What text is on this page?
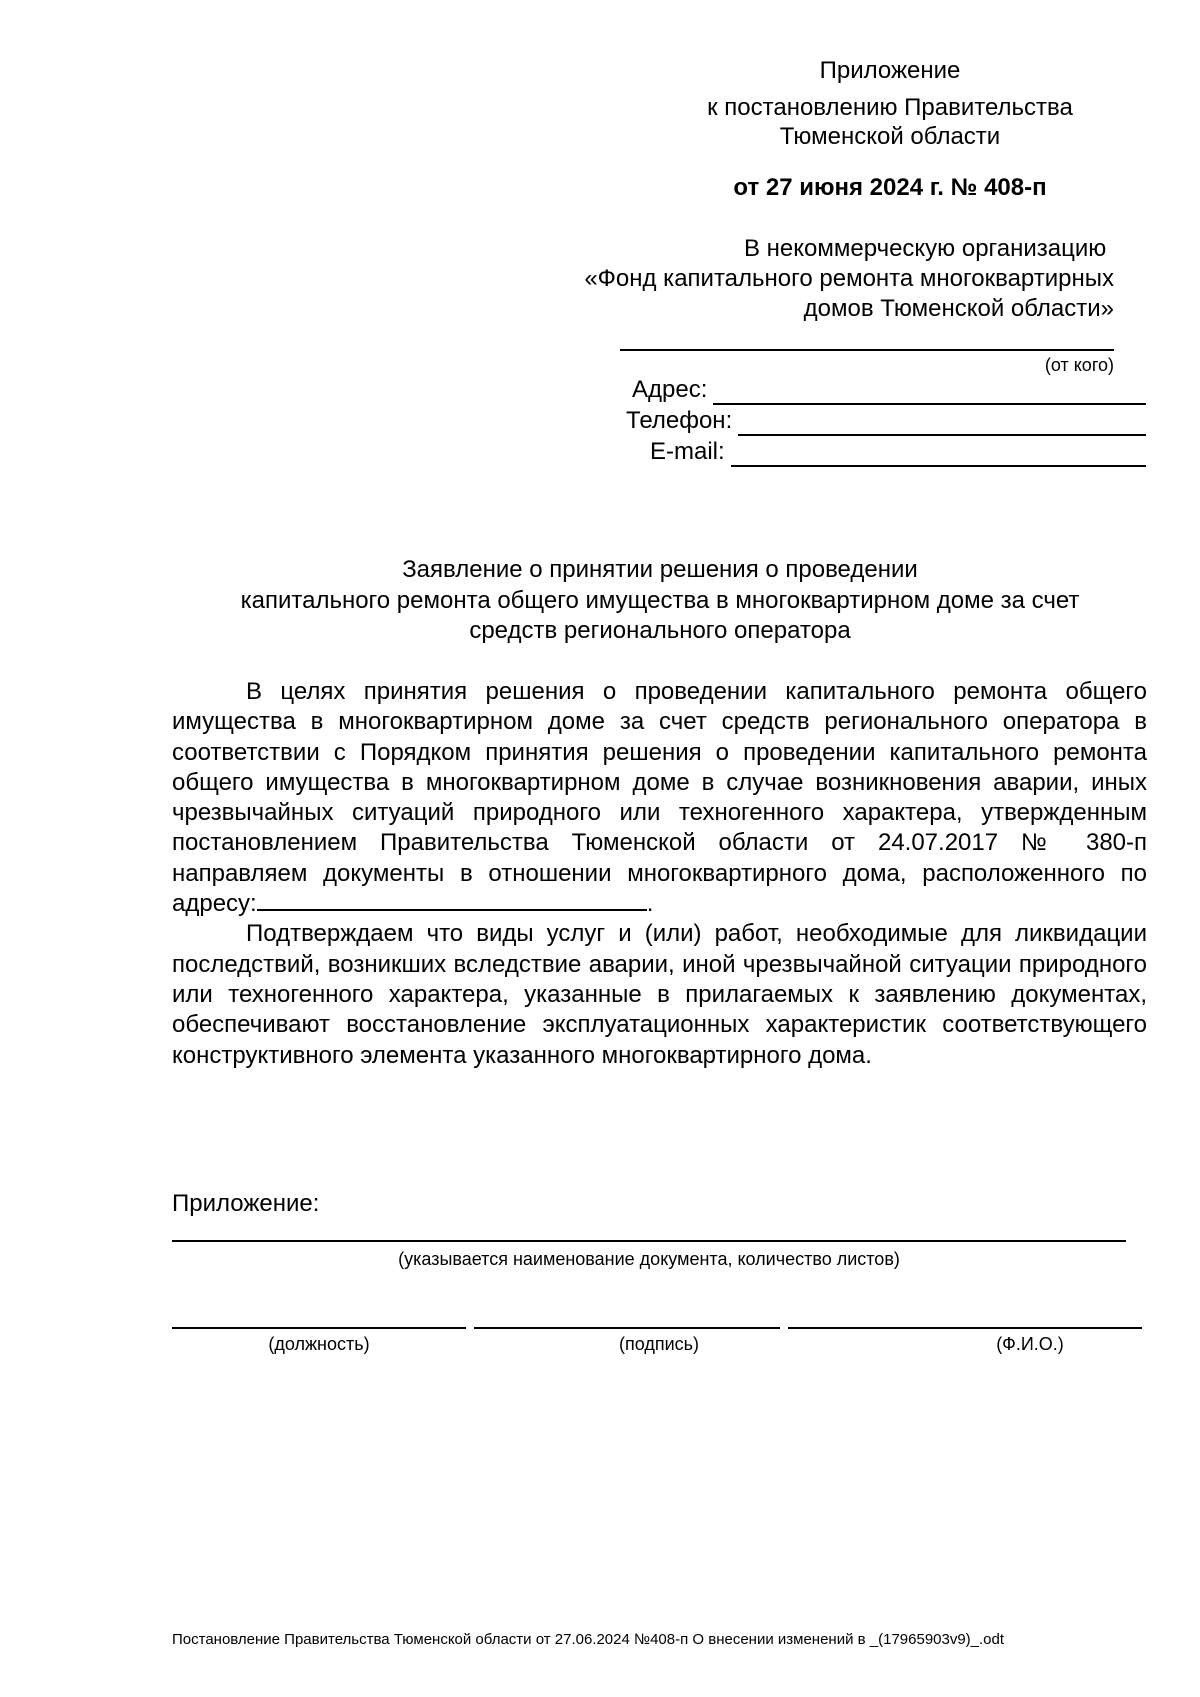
Приложение
к постановлению Правительства
Тюменской области
от 27 июня 2024 г. № 408-п
В некоммерческую организацию
«Фонд капитального ремонта многоквартирных
домов Тюменской области»
(от кого)
Адрес:
Телефон:
E-mail:
Заявление о принятии решения о проведении
капитального ремонта общего имущества в многоквартирном доме за счет
средств регионального оператора

В целях принятия решения о проведении капитального ремонта общего имущества в многоквартирном доме за счет средств регионального оператора в соответствии с Порядком принятия решения о проведении капитального ремонта общего имущества в многоквартирном доме в случае возникновения аварии, иных чрезвычайных ситуаций природного или техногенного характера, утвержденным постановлением Правительства Тюменской области от 24.07.2017 № 380-п направляем документы в отношении многоквартирного дома, расположенного по адресу:	.

Подтверждаем что виды услуг и (или) работ, необходимые для ликвидации последствий, возникших вследствие аварии, иной чрезвычайной ситуации природного или техногенного характера, указанные в прилагаемых к заявлению документах, обеспечивают восстановление эксплуатационных характеристик соответствующего конструктивного элемента указанного многоквартирного дома.

Приложение:
(указывается наименование документа, количество листов)
(должность)	(подпись)	(Ф.И.О.)
Постановление Правительства Тюменской области от 27.06.2024 №408-п О внесении изменений в _(17965903v9)_.odt
